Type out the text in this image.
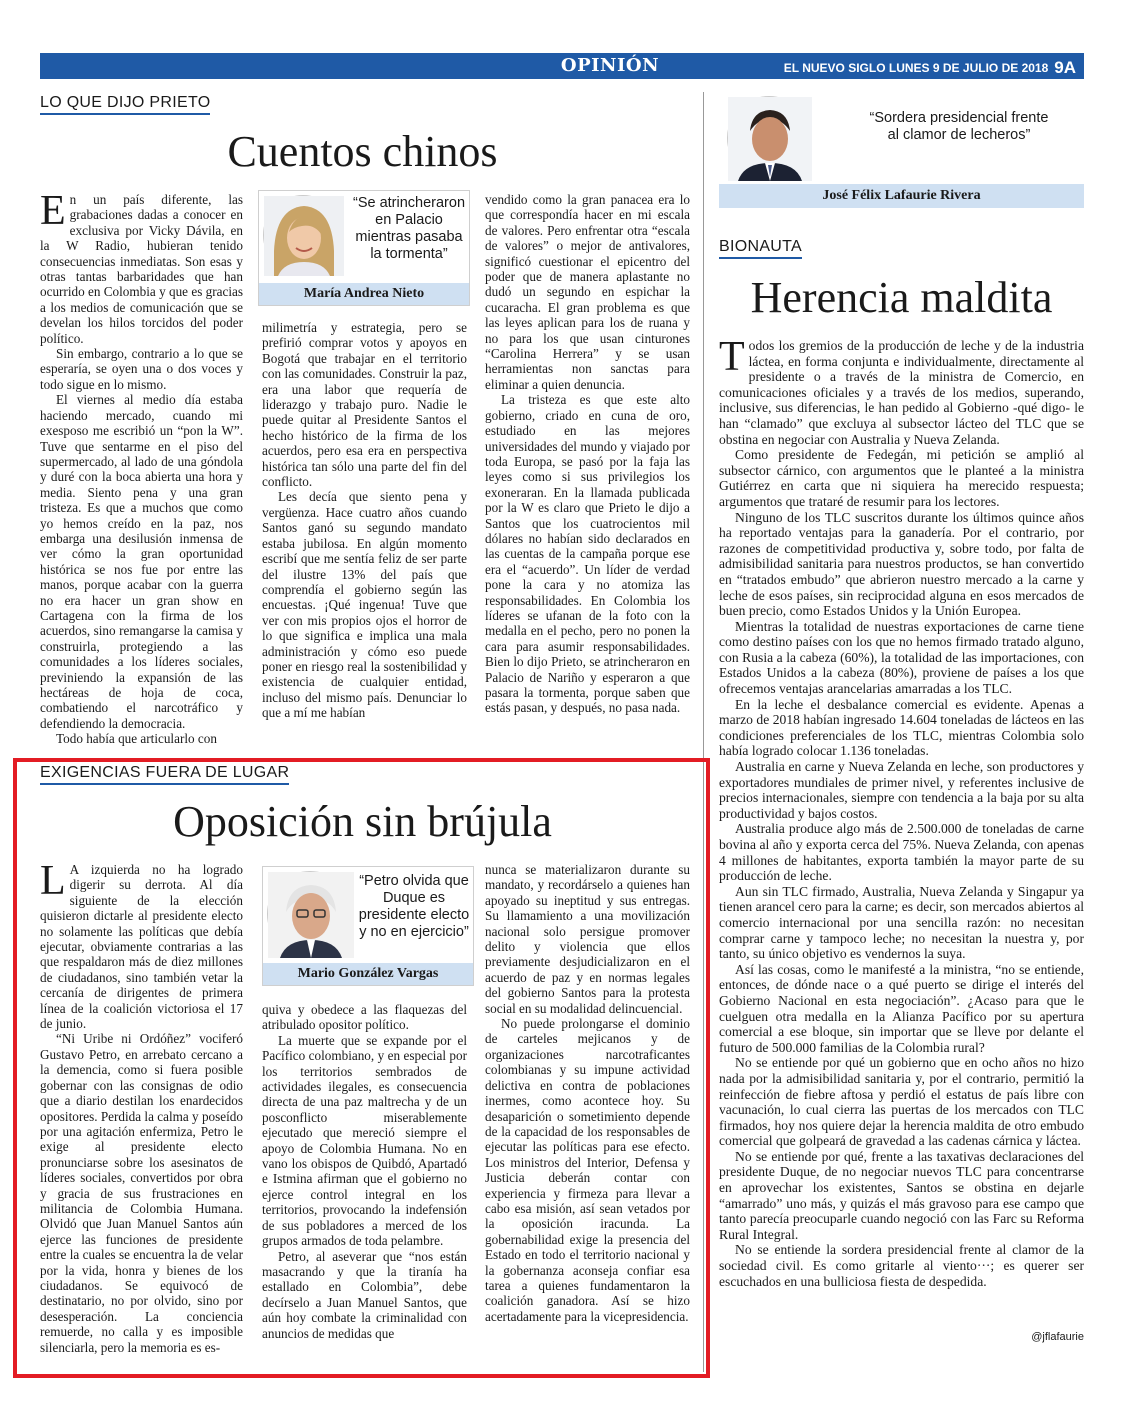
OPINIÓN	EL NUEVO SIGLO LUNES 9 DE JULIO DE 2018 9A
LO QUE DIJO PRIETO
Cuentos chinos

En un país diferente, las grabaciones dadas a conocer en exclusiva por Vicky Dávila, en la W Radio, hubieran tenido consecuencias inmediatas. Son esas y otras tantas barbaridades que han ocurrido en Colombia y que es gracias a los medios de comunicación que se develan los hilos torcidos del poder político.

Sin embargo, contrario a lo que se esperaría, se oyen una o dos voces y todo sigue en lo mismo.

El viernes al medio día estaba haciendo mercado, cuando mi exesposo me escribió un “pon la W”. Tuve que sentarme en el piso del supermercado, al lado de una góndola y duré con la boca abierta una hora y media. Siento pena y una gran tristeza. Es que a muchos que como yo hemos creído en la paz, nos embarga una desilusión inmensa de ver cómo la gran oportunidad histórica se nos fue por entre las manos, porque acabar con la guerra no era hacer un gran show en Cartagena con la firma de los acuerdos, sino remangarse la camisa y construirla, protegiendo a las comunidades a los líderes sociales, previniendo la expansión de las hectáreas de hoja de coca, combatiendo el narcotráfico y defendiendo la democracia.

Todo había que articularlo con

“Se atrincheraron en Palacio mientras pasaba la tormenta”
María Andrea Nieto

milimetría y estrategia, pero se prefirió comprar votos y apoyos en Bogotá que trabajar en el territorio con las comunidades. Construir la paz, era una labor que requería de liderazgo y trabajo puro. Nadie le puede quitar al Presidente Santos el hecho histórico de la firma de los acuerdos, pero esa era en perspectiva histórica tan sólo una parte del fin del conflicto.

Les decía que siento pena y vergüenza. Hace cuatro años cuando Santos ganó su segundo mandato estaba jubilosa. En algún momento escribí que me sentía feliz de ser parte del ilustre 13% del país que comprendía el gobierno según las encuestas. ¡Qué ingenua! Tuve que ver con mis propios ojos el horror de lo que significa e implica una mala administración y cómo eso puede poner en riesgo real la sostenibilidad y existencia de cualquier entidad, incluso del mismo país. Denunciar lo que a mí me habían

vendido como la gran panacea era lo que correspondía hacer en mi escala de valores. Pero enfrentar otra “escala de valores” o mejor de antivalores, significó cuestionar el epicentro del poder que de manera aplastante no dudó un segundo en espichar la cucaracha. El gran problema es que las leyes aplican para los de ruana y no para los que usan cinturones “Carolina Herrera” y se usan herramientas non sanctas para eliminar a quien denuncia.

La tristeza es que este alto gobierno, criado en cuna de oro, estudiado en las mejores universidades del mundo y viajado por toda Europa, se pasó por la faja las leyes como si sus privilegios los exoneraran. En la llamada publicada por la W es claro que Prieto le dijo a Santos que los cuatrocientos mil dólares no habían sido declarados en las cuentas de la campaña porque ese era el “acuerdo”. Un líder de verdad pone la cara y no atomiza las responsabilidades. En Colombia los líderes se ufanan de la foto con la medalla en el pecho, pero no ponen la cara para asumir responsabilidades. Bien lo dijo Prieto, se atrincheraron en Palacio de Nariño y esperaron a que pasara la tormenta, porque saben que estás pasan, y después, no pasa nada.

EXIGENCIAS FUERA DE LUGAR
Oposición sin brújula

L A izquierda no ha logrado digerir su derrota. Al día siguiente de la elección quisieron dictarle al presidente electo no solamente las políticas que debía ejecutar, obviamente contrarias a las que respaldaron más de diez millones de ciudadanos, sino también vetar la cercanía de dirigentes de primera línea de la coalición victoriosa el 17 de junio.

“Ni Uribe ni Ordóñez” vociferó Gustavo Petro, en arrebato cercano a la demencia, como si fuera posible gobernar con las consignas de odio que a diario destilan los enardecidos opositores. Perdida la calma y poseído por una agitación enfermiza, Petro le exige al presidente electo pronunciarse sobre los asesinatos de líderes sociales, convertidos por obra y gracia de sus frustraciones en militancia de Colombia Humana. Olvidó que Juan Manuel Santos aún ejerce las funciones de presidente entre la cuales se encuentra la de velar por la vida, honra y bienes de los ciudadanos. Se equivocó de destinatario, no por olvido, sino por desesperación. La conciencia remuerde, no calla y es imposible silenciarla, pero la memoria es es-

“Petro olvida que Duque es presidente electo y no en ejercicio”
Mario González Vargas

quiva y obedece a las flaquezas del atribulado opositor político.

La muerte que se expande por el Pacífico colombiano, y en especial por los territorios sembrados de actividades ilegales, es consecuencia directa de una paz maltrecha y de un posconflicto miserablemente ejecutado que mereció siempre el apoyo de Colombia Humana. No en vano los obispos de Quibdó, Apartadó e Istmina afirman que el gobierno no ejerce control integral en los territorios, provocando la indefensión de sus pobladores a merced de los grupos armados de toda pelambre.

Petro, al aseverar que “nos están masacrando y que la tiranía ha estallado en Colombia”, debe decírselo a Juan Manuel Santos, que aún hoy combate la criminalidad con anuncios de medidas que

nunca se materializaron durante su mandato, y recordárselo a quienes han apoyado su ineptitud y sus entregas. Su llamamiento a una movilización nacional solo persigue promover delito y violencia que ellos previamente desjudicializaron en el acuerdo de paz y en normas legales del gobierno Santos para la protesta social en su modalidad delincuencial.

No puede prolongarse el dominio de carteles mejicanos y de organizaciones narcotraficantes colombianas y su impune actividad delictiva en contra de poblaciones inermes, como acontece hoy. Su desaparición o sometimiento depende de la capacidad de los responsables de ejecutar las políticas para ese efecto. Los ministros del Interior, Defensa y Justicia deberán contar con experiencia y firmeza para llevar a cabo esa misión, así sean vetados por la oposición iracunda. La gobernabilidad exige la presencia del Estado en todo el territorio nacional y la gobernanza aconseja confiar esa tarea a quienes fundamentaron la coalición ganadora. Así se hizo acertadamente para la vicepresidencia.

“Sordera presidencial frente al clamor de lecheros”
José Félix Lafaurie Rivera
BIONAUTA
Herencia maldita

Todos los gremios de la producción de leche y de la industria láctea, en forma conjunta e individualmente, directamente al presidente o a través de la ministra de Comercio, en comunicaciones oficiales y a través de los medios, superando, inclusive, sus diferencias, le han pedido al Gobierno -qué digo- le han “clamado” que excluya al subsector lácteo del TLC que se obstina en negociar con Australia y Nueva Zelanda.

Como presidente de Fedegán, mi petición se amplió al subsector cárnico, con argumentos que le planteé a la ministra Gutiérrez en carta que ni siquiera ha merecido respuesta; argumentos que trataré de resumir para los lectores.

Ninguno de los TLC suscritos durante los últimos quince años ha reportado ventajas para la ganadería. Por el contrario, por razones de competitividad productiva y, sobre todo, por falta de admisibilidad sanitaria para nuestros productos, se han convertido en “tratados embudo” que abrieron nuestro mercado a la carne y leche de esos países, sin reciprocidad alguna en esos mercados de buen precio, como Estados Unidos y la Unión Europea.

Mientras la totalidad de nuestras exportaciones de carne tiene como destino países con los que no hemos firmado tratado alguno, con Rusia a la cabeza (60%), la totalidad de las importaciones, con Estados Unidos a la cabeza (80%), proviene de países a los que ofrecemos ventajas arancelarias amarradas a los TLC.

En la leche el desbalance comercial es evidente. Apenas a marzo de 2018 habían ingresado 14.604 toneladas de lácteos en las condiciones preferenciales de los TLC, mientras Colombia solo había logrado colocar 1.136 toneladas.

Australia en carne y Nueva Zelanda en leche, son productores y exportadores mundiales de primer nivel, y referentes inclusive de precios internacionales, siempre con tendencia a la baja por su alta productividad y bajos costos.

Australia produce algo más de 2.500.000 de toneladas de carne bovina al año y exporta cerca del 75%. Nueva Zelanda, con apenas 4 millones de habitantes, exporta también la mayor parte de su producción de leche.

Aun sin TLC firmado, Australia, Nueva Zelanda y Singapur ya tienen arancel cero para la carne; es decir, son mercados abiertos al comercio internacional por una sencilla razón: no necesitan comprar carne y tampoco leche; no necesitan la nuestra y, por tanto, su único objetivo es vendernos la suya.

Así las cosas, como le manifesté a la ministra, “no se entiende, entonces, de dónde nace o a qué puerto se dirige el interés del Gobierno Nacional en esta negociación”. ¿Acaso para que le cuelguen otra medalla en la Alianza Pacífico por su apertura comercial a ese bloque, sin importar que se lleve por delante el futuro de 500.000 familias de la Colombia rural?

No se entiende por qué un gobierno que en ocho años no hizo nada por la admisibilidad sanitaria y, por el contrario, permitió la reinfección de fiebre aftosa y perdió el estatus de país libre con vacunación, lo cual cierra las puertas de los mercados con TLC firmados, hoy nos quiere dejar la herencia maldita de otro embudo comercial que golpeará de gravedad a las cadenas cárnica y láctea.

No se entiende por qué, frente a las taxativas declaraciones del presidente Duque, de no negociar nuevos TLC para concentrarse en aprovechar los existentes, Santos se obstina en dejarle “amarrado” uno más, y quizás el más gravoso para ese campo que tanto parecía preocuparle cuando negoció con las Farc su Reforma Rural Integral.

No se entiende la sordera presidencial frente al clamor de la sociedad civil. Es como gritarle al viento···; es querer ser escuchados en una bulliciosa fiesta de despedida.

@jflafaurie
